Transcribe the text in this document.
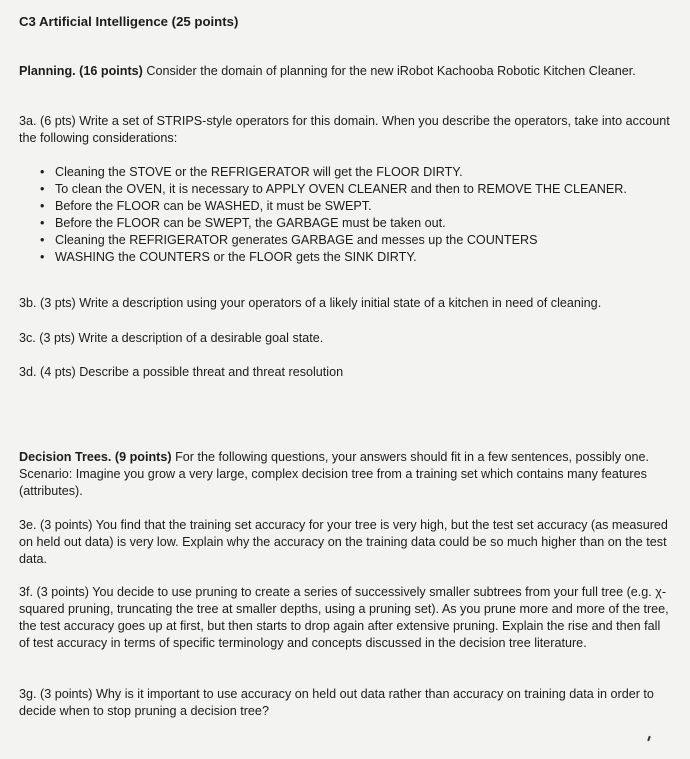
C3 Artificial Intelligence (25 points)

Planning. (16 points) Consider the domain of planning for the new iRobot Kachooba Robotic Kitchen Cleaner.

3a. (6 pts) Write a set of STRIPS-style operators for this domain. When you describe the operators, take into account the following considerations:

• Cleaning the STOVE or the REFRIGERATOR will get the FLOOR DIRTY.
• To clean the OVEN, it is necessary to APPLY OVEN CLEANER and then to REMOVE THE CLEANER.
• Before the FLOOR can be WASHED, it must be SWEPT.
• Before the FLOOR can be SWEPT, the GARBAGE must be taken out.
• Cleaning the REFRIGERATOR generates GARBAGE and messes up the COUNTERS
• WASHING the COUNTERS or the FLOOR gets the SINK DIRTY.

3b. (3 pts) Write a description using your operators of a likely initial state of a kitchen in need of cleaning.

3c. (3 pts) Write a description of a desirable goal state.

3d. (4 pts) Describe a possible threat and threat resolution

Decision Trees. (9 points) For the following questions, your answers should fit in a few sentences, possibly one. Scenario: Imagine you grow a very large, complex decision tree from a training set which contains many features (attributes).

3e. (3 points) You find that the training set accuracy for your tree is very high, but the test set accuracy (as measured on held out data) is very low. Explain why the accuracy on the training data could be so much higher than on the test data.

3f. (3 points) You decide to use pruning to create a series of successively smaller subtrees from your full tree (e.g. χ-squared pruning, truncating the tree at smaller depths, using a pruning set). As you prune more and more of the tree, the test accuracy goes up at first, but then starts to drop again after extensive pruning. Explain the rise and then fall of test accuracy in terms of specific terminology and concepts discussed in the decision tree literature.

3g. (3 points) Why is it important to use accuracy on held out data rather than accuracy on training data in order to decide when to stop pruning a decision tree?
